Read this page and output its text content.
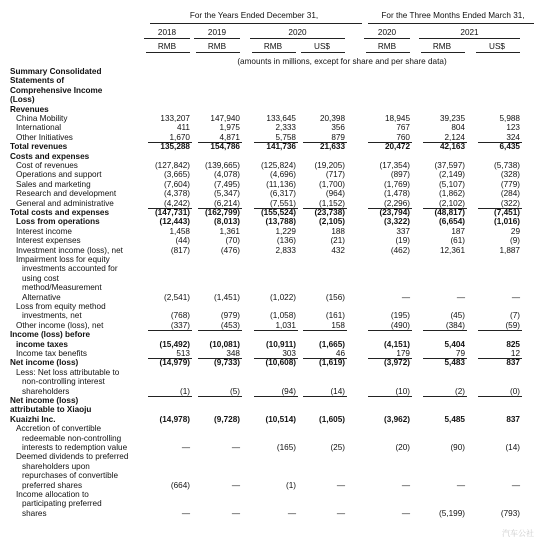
For the Years Ended December 31,	For the Three Months Ended March 31,
2018	2019	2020	2020	2021
RMB	RMB	RMB	US$	RMB	RMB	US$
(amounts in millions, except for share and per share data)
Summary Consolidated
Statements of
Comprehensive Income
(Loss)
Revenues
China Mobility	133,207	147,940	133,645	20,398	18,945	39,235	5,988
International	411	1,975	2,333	356	767	804	123
Other Initiatives	1,670	4,871	5,758	879	760	2,124	324
Total revenues	135,288	154,786	141,736	21,633	20,472	42,163	6,435
Costs and expenses
Cost of revenues	(127,842)	(139,665)	(125,824)	(19,205)	(17,354)	(37,597)	(5,738)
Operations and support	(3,665)	(4,078)	(4,696)	(717)	(897)	(2,149)	(328)
Sales and marketing	(7,604)	(7,495)	(11,136)	(1,700)	(1,769)	(5,107)	(779)
Research and development	(4,378)	(5,347)	(6,317)	(964)	(1,478)	(1,862)	(284)
General and administrative	(4,242)	(6,214)	(7,551)	(1,152)	(2,296)	(2,102)	(322)
Total costs and expenses	(147,731)	(162,799)	(155,524)	(23,738)	(23,794)	(48,817)	(7,451)
Loss from operations	(12,443)	(8,013)	(13,788)	(2,105)	(3,322)	(6,654)	(1,016)
Interest income	1,458	1,361	1,229	188	337	187	29
Interest expenses	(44)	(70)	(136)	(21)	(19)	(61)	(9)
Investment income (loss), net	(817)	(476)	2,833	432	(462)	12,361	1,887
Impairment loss for equity
investments accounted for
using cost
method/Measurement
Alternative	(2,541)	(1,451)	(1,022)	(156)	—	—	—
Loss from equity method
investments, net	(768)	(979)	(1,058)	(161)	(195)	(45)	(7)
Other income (loss), net	(337)	(453)	1,031	158	(490)	(384)	(59)
Income (loss) before
income taxes	(15,492)	(10,081)	(10,911)	(1,665)	(4,151)	5,404	825
Income tax benefits	513	348	303	46	179	79	12
Net income (loss)	(14,979)	(9,733)	(10,608)	(1,619)	(3,972)	5,483	837
Less: Net loss attributable to
non-controlling interest
shareholders	(1)	(5)	(94)	(14)	(10)	(2)	(0)
Net income (loss)
attributable to Xiaoju
Kuaizhi Inc.	(14,978)	(9,728)	(10,514)	(1,605)	(3,962)	5,485	837
Accretion of convertible
redeemable non-controlling
interests to redemption value	—	—	(165)	(25)	(20)	(90)	(14)
Deemed dividends to preferred
shareholders upon
repurchases of convertible
preferred shares	(664)	—	(1)	—	—	—	—
Income allocation to
participating preferred
shares	—	—	—	—	—	(5,199)	(793)
汽车公社
